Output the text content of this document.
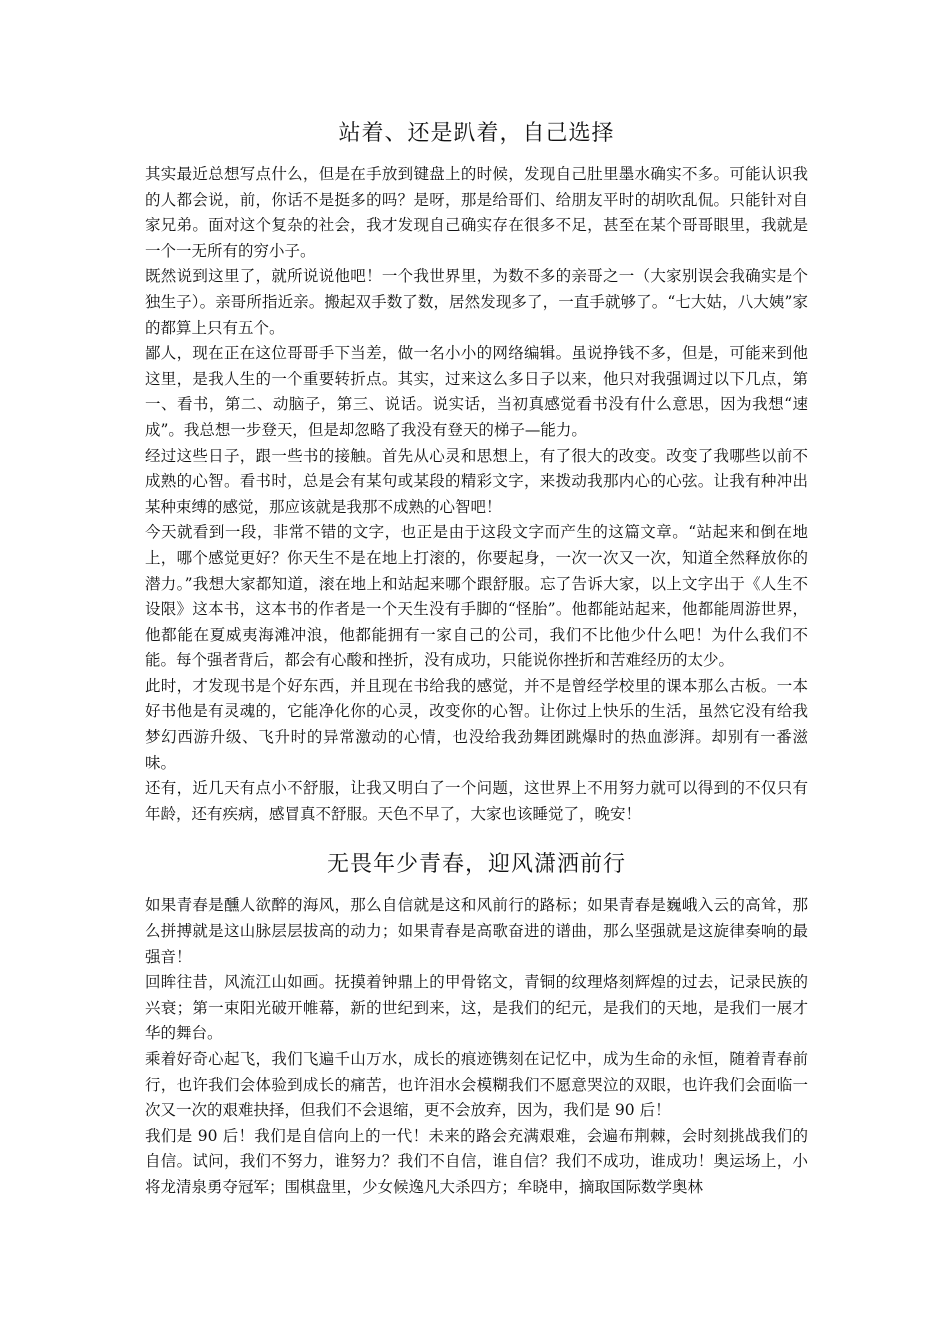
站着、还是趴着，自己选择

其实最近总想写点什么，但是在手放到键盘上的时候，发现自己肚里墨水确实不多。可能认识我的人都会说，前，你话不是挺多的吗？是呀，那是给哥们、给朋友平时的胡吹乱侃。只能针对自家兄弟。面对这个复杂的社会，我才发现自己确实存在很多不足，甚至在某个哥哥眼里，我就是一个一无所有的穷小子。

既然说到这里了，就所说说他吧！一个我世界里，为数不多的亲哥之一（大家别误会我确实是个独生子）。亲哥所指近亲。搬起双手数了数，居然发现多了，一直手就够了。“七大姑，八大姨”家的都算上只有五个。

鄙人，现在正在这位哥哥手下当差，做一名小小的网络编辑。虽说挣钱不多，但是，可能来到他这里，是我人生的一个重要转折点。其实，过来这么多日子以来，他只对我强调过以下几点，第一、看书，第二、动脑子，第三、说话。说实话，当初真感觉看书没有什么意思，因为我想“速成”。我总想一步登天，但是却忽略了我没有登天的梯子—能力。

经过这些日子，跟一些书的接触。首先从心灵和思想上，有了很大的改变。改变了我哪些以前不成熟的心智。看书时，总是会有某句或某段的精彩文字，来拨动我那内心的心弦。让我有种冲出某种束缚的感觉，那应该就是我那不成熟的心智吧！

今天就看到一段，非常不错的文字，也正是由于这段文字而产生的这篇文章。“站起来和倒在地上，哪个感觉更好？你天生不是在地上打滚的，你要起身，一次一次又一次，知道全然释放你的潜力。”我想大家都知道，滚在地上和站起来哪个跟舒服。忘了告诉大家，以上文字出于《人生不设限》这本书，这本书的作者是一个天生没有手脚的“怪胎”。他都能站起来，他都能周游世界，他都能在夏威夷海滩冲浪，他都能拥有一家自己的公司，我们不比他少什么吧！为什么我们不能。每个强者背后，都会有心酸和挫折，没有成功，只能说你挫折和苦难经历的太少。

此时，才发现书是个好东西，并且现在书给我的感觉，并不是曾经学校里的课本那么古板。一本好书他是有灵魂的，它能净化你的心灵，改变你的心智。让你过上快乐的生活，虽然它没有给我梦幻西游升级、飞升时的异常激动的心情，也没给我劲舞团跳爆时的热血澎湃。却别有一番滋味。

还有，近几天有点小不舒服，让我又明白了一个问题，这世界上不用努力就可以得到的不仅只有年龄，还有疾病，感冒真不舒服。天色不早了，大家也该睡觉了，晚安！

无畏年少青春，迎风潇洒前行

如果青春是醺人欲醉的海风，那么自信就是这和风前行的路标；如果青春是巍峨入云的高耸，那么拼搏就是这山脉层层拔高的动力；如果青春是高歌奋进的谱曲，那么坚强就是这旋律奏响的最强音！

回眸往昔，风流江山如画。抚摸着钟鼎上的甲骨铭文，青铜的纹理烙刻辉煌的过去，记录民族的兴衰；第一束阳光破开帷幕，新的世纪到来，这，是我们的纪元，是我们的天地，是我们一展才华的舞台。

乘着好奇心起飞，我们飞遍千山万水，成长的痕迹镌刻在记忆中，成为生命的永恒，随着青春前行，也许我们会体验到成长的痛苦，也许泪水会模糊我们不愿意哭泣的双眼，也许我们会面临一次又一次的艰难抉择，但我们不会退缩，更不会放弃，因为，我们是 90 后！

我们是 90 后！我们是自信向上的一代！未来的路会充满艰难，会遍布荆棘，会时刻挑战我们的自信。试问，我们不努力，谁努力？我们不自信，谁自信？我们不成功，谁成功！奥运场上，小将龙清泉勇夺冠军；围棋盘里，少女候逸凡大杀四方；牟晓申，摘取国际数学奥林
